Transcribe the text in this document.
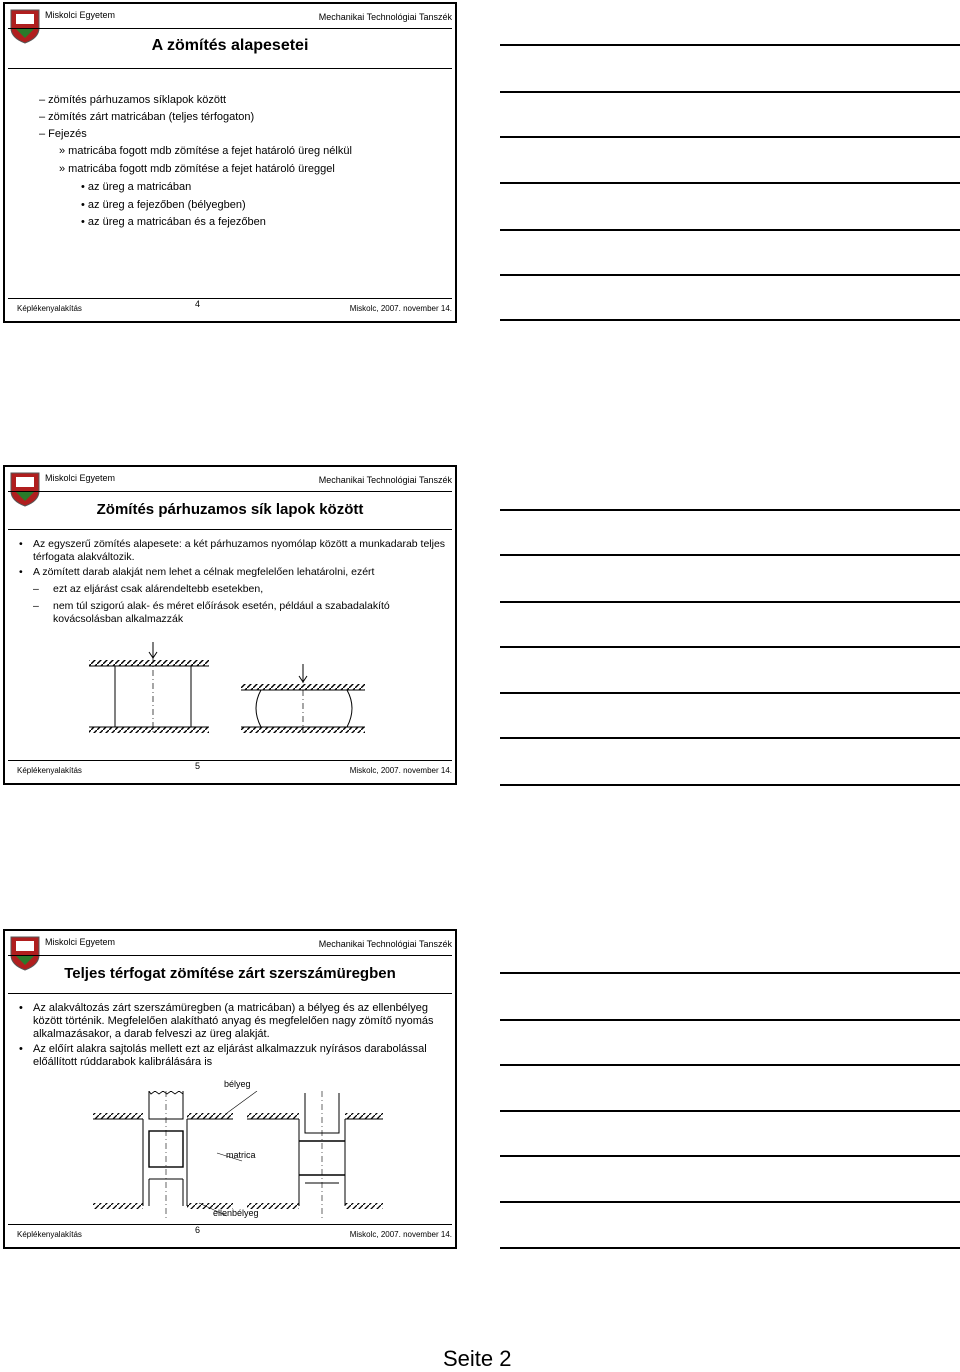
Miskolci Egyetem	Mechanikai Technológiai Tanszék
A zömítés alapesetei
– zömítés párhuzamos síklapok között
– zömítés zárt matricában (teljes térfogaton)
– Fejezés
» matricába fogott mdb zömítése a fejet határoló üreg nélkül
» matricába fogott mdb zömítése a fejet határoló üreggel
• az üreg a matricában
• az üreg a fejezőben (bélyegben)
• az üreg a matricában és a fejezőben
Képlékenyalakítás	4	Miskolc, 2007. november 14.
Miskolci Egyetem	Mechanikai Technológiai Tanszék
Zömítés párhuzamos sík lapok között
• Az egyszerű zömítés alapesete: a két párhuzamos nyomólap között a munkadarab teljes térfogata alakváltozik.
• A zömített darab alakját nem lehet a célnak megfelelően lehatárolni, ezért
–	ezt az eljárást csak alárendeltebb esetekben,
–	nem túl szigorú alak- és méret előírások esetén, például a szabadalakító kovácsolásban alkalmazzák
Képlékenyalakítás	5	Miskolc, 2007. november 14.
Miskolci Egyetem	Mechanikai Technológiai Tanszék
Teljes térfogat zömítése zárt szerszámüregben
• Az alakváltozás zárt szerszámüregben (a matricában) a bélyeg és az ellenbélyeg között történik. Megfelelően alakítható anyag és megfelelően nagy zömítő nyomás alkalmazásakor, a darab felveszi az üreg alakját.
• Az előírt alakra sajtolás mellett ezt az eljárást alkalmazzuk nyírásos darabolással előállított rúddarabok kalibrálására is
bélyeg
matrica
ellenbélyeg
Képlékenyalakítás	6	Miskolc, 2007. november 14.
Seite 2
